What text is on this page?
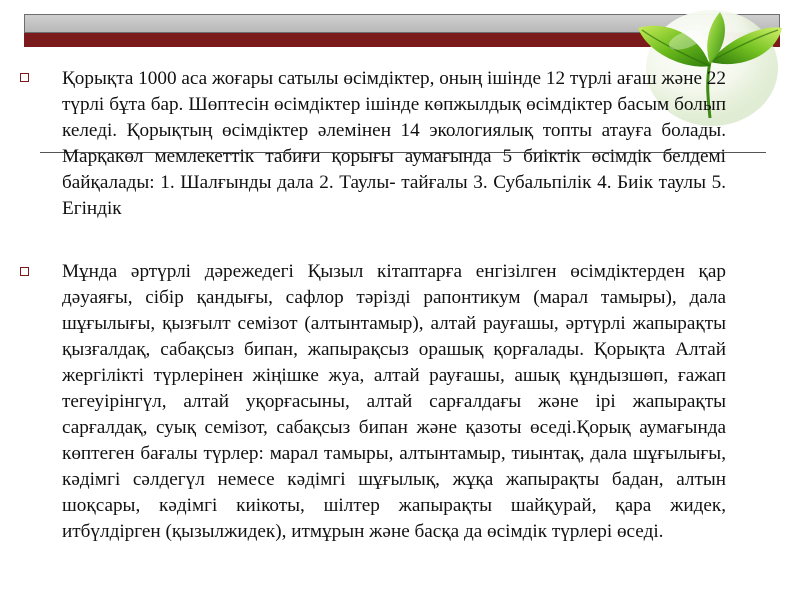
Қорықта 1000 аса жоғары сатылы өсімдіктер, оның ішінде 12 түрлі ағаш және 22 түрлі бұта бар. Шөптесін өсімдіктер ішінде көпжылдық өсімдіктер басым болып келеді. Қорықтың өсімдіктер әлемінен 14 экологиялық топты атауға болады. Марқакөл мемлекеттік табиғи қорығы аумағында 5 биіктік өсімдік белдемі байқалады: 1. Шалғынды дала 2. Таулы- тайғалы 3. Субальпілік 4. Биік таулы 5. Егіндік

Мұнда әртүрлі дәрежедегі Қызыл кітаптарға енгізілген өсімдіктерден қар дәуаяғы, сібір қандығы, сафлор тәрізді рапонтикум (марал тамыры), дала шұғылығы, қызғылт семізот (алтынтамыр), алтай рауғашы, әртүрлі жапырақты қызғалдақ, сабақсыз бипан, жапырақсыз орашық қорғалады. Қорықта Алтай жергілікті түрлерінен жіңішке жуа, алтай рауғашы, ашық құндызшөп, ғажап тегеуірінгүл, алтай уқорғасыны, алтай сарғалдағы және ірі жапырақты сарғалдақ, суық семізот, сабақсыз бипан және қазоты өседі.Қорық аумағында көптеген бағалы түрлер: марал тамыры, алтынтамыр, тиынтақ, дала шұғылығы, кәдімгі сәлдегүл немесе кәдімгі шұғылық, жұқа жапырақты бадан, алтын шоқсары, кәдімгі киікоты, шілтер жапырақты шайқурай, қара жидек, итбүлдірген (қызылжидек), итмұрын және басқа да өсімдік түрлері өседі.
